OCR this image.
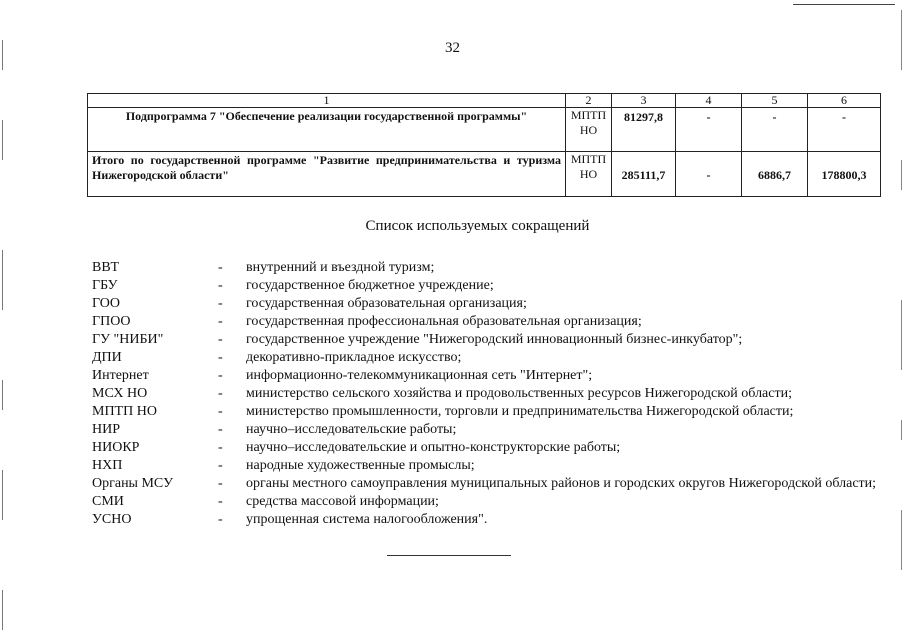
32
1	2	3	4	5	6
Подпрограмма 7 "Обеспечение реализации государственной программы"	МПТП НО	81297,8	-	-	-
Итого по государственной программе "Развитие предпринимательства и туризма Нижегородской области"	МПТП НО	285111,7	-	6886,7	178800,3
Список используемых сокращений
ВВТ	-	внутренний и въездной туризм;
ГБУ	-	государственное бюджетное учреждение;
ГОО	-	государственная образовательная организация;
ГПОО	-	государственная профессиональная образовательная организация;
ГУ "НИБИ"	-	государственное учреждение "Нижегородский инновационный бизнес-инкубатор";
ДПИ	-	декоративно-прикладное искусство;
Интернет	-	информационно-телекоммуникационная сеть "Интернет";
МСХ НО	-	министерство сельского хозяйства и продовольственных ресурсов Нижегородской области;
МПТП НО	-	министерство промышленности, торговли и предпринимательства Нижегородской области;
НИР	-	научно–исследовательские работы;
НИОКР	-	научно–исследовательские и опытно-конструкторские работы;
НХП	-	народные художественные промыслы;
Органы МСУ	-	органы местного самоуправления муниципальных районов и городских округов Нижегородской области;
СМИ	-	средства массовой информации;
УСНО	-	упрощенная система налогообложения".
